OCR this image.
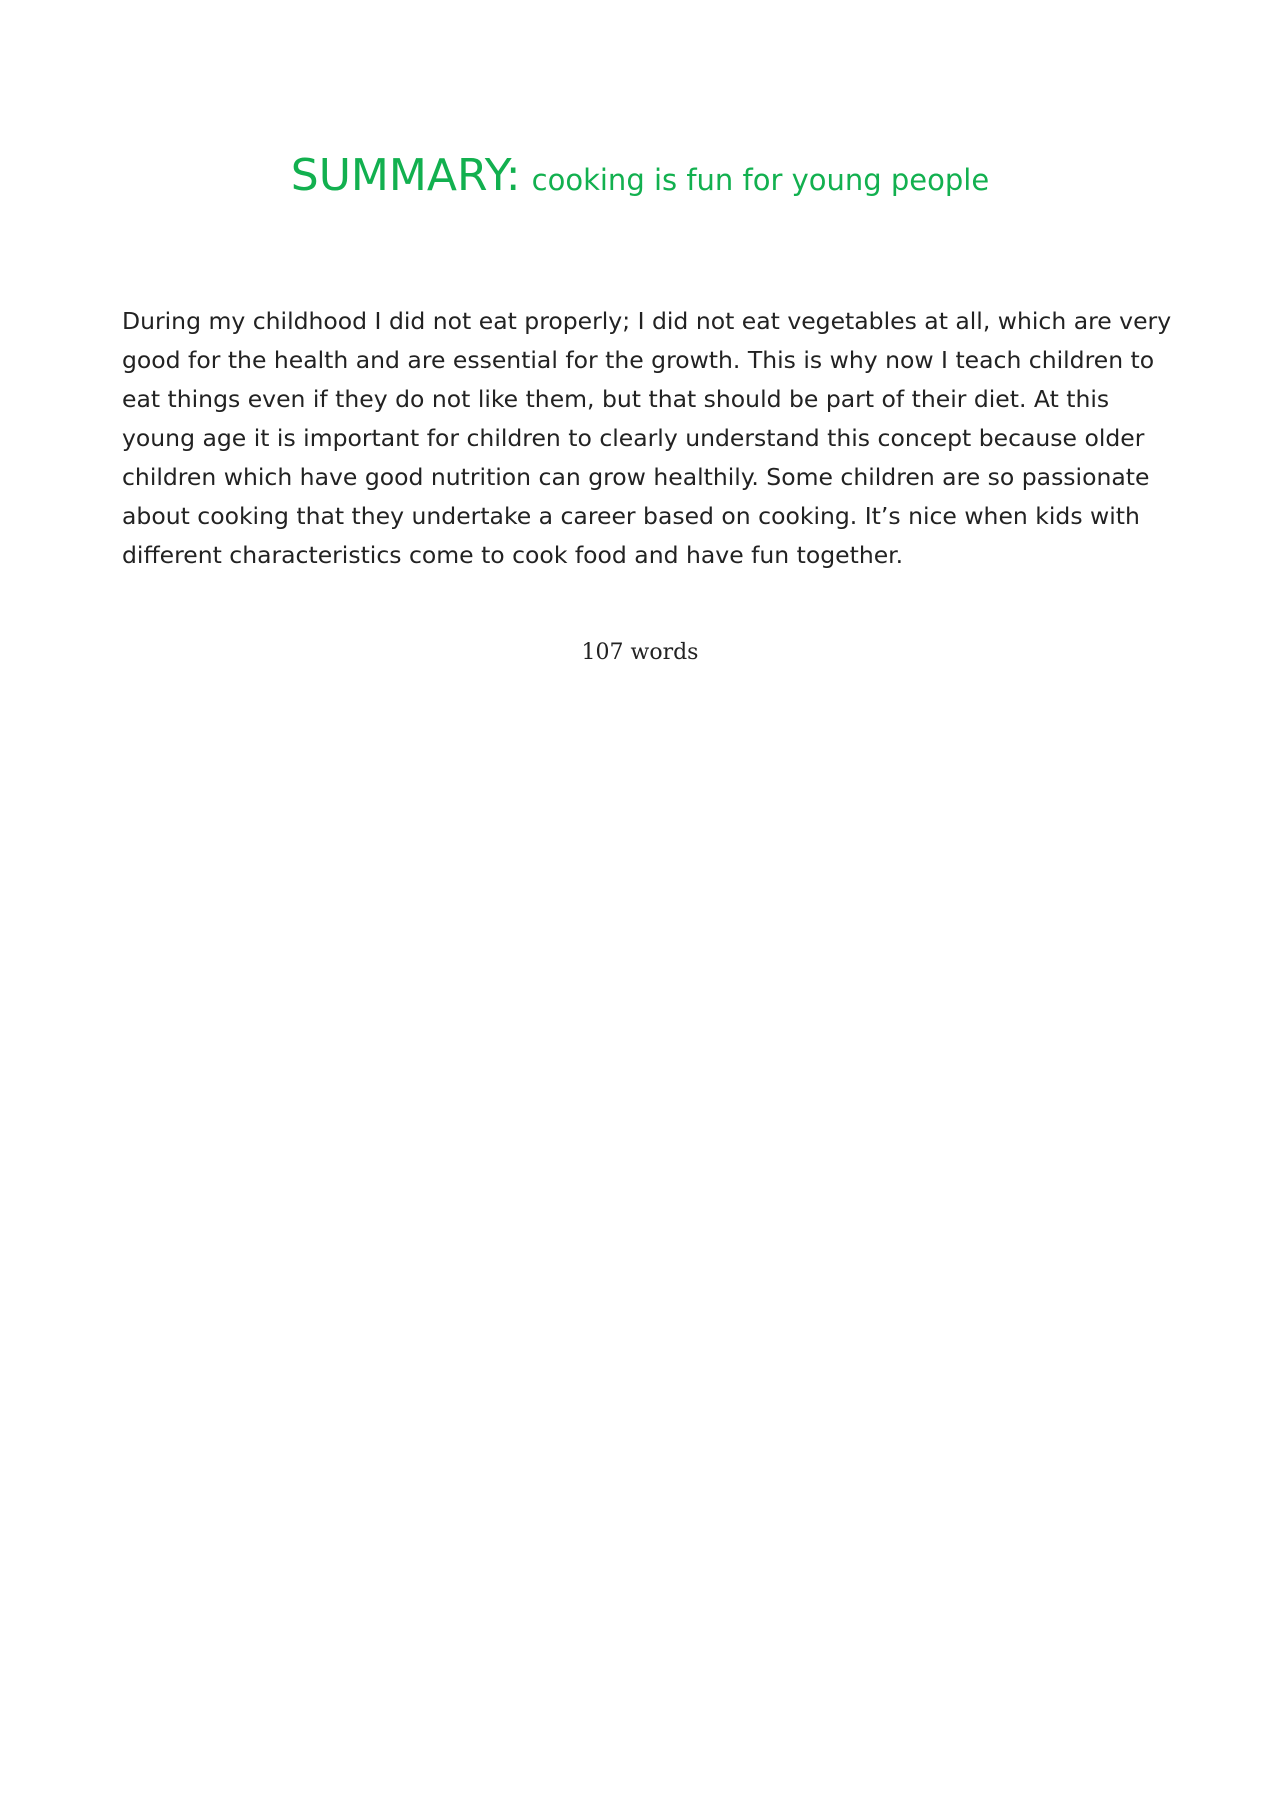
SUMMARY: cooking is fun for young people

During my childhood I did not eat properly; I did not eat vegetables at all, which are very good for the health and are essential for the growth. This is why now I teach children to eat things even if they do not like them, but that should be part of their diet. At this young age it is important for children to clearly understand this concept because older children which have good nutrition can grow healthily. Some children are so passionate about cooking that they undertake a career based on cooking. It’s nice when kids with different characteristics come to cook food and have fun together.

107 words
